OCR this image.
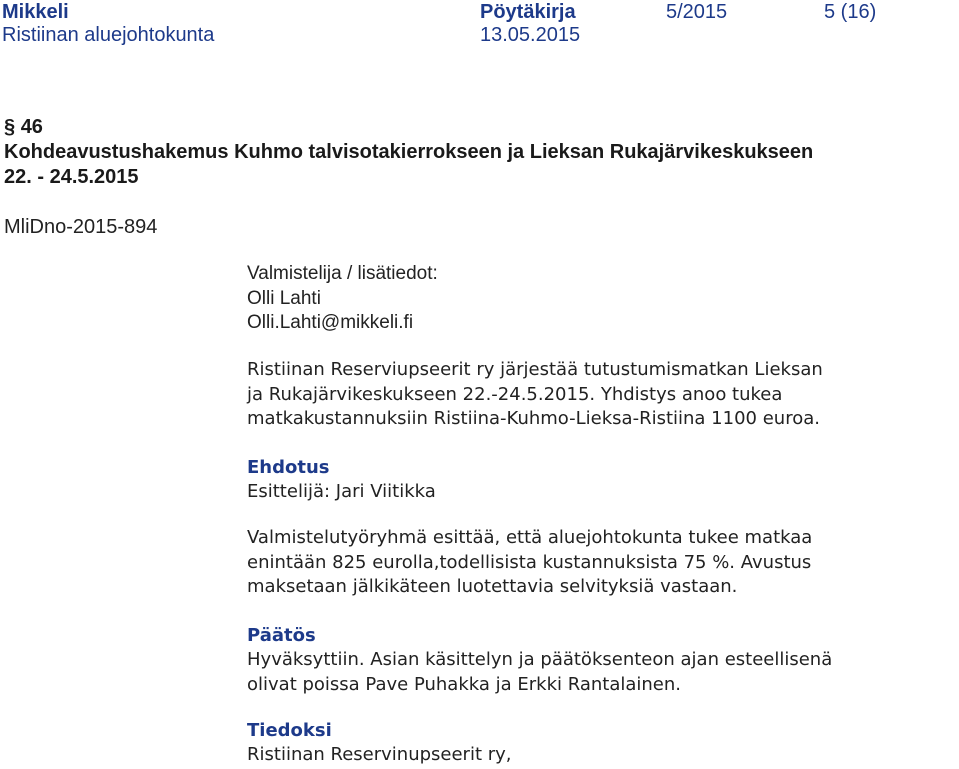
Mikkeli	Pöytäkirja	5/2015	5 (16)
Ristiinan aluejohtokunta	13.05.2015
§ 46
Kohdeavustushakemus Kuhmo talvisotakierrokseen ja Lieksan Rukajärvikeskukseen
22. - 24.5.2015
MliDno-2015-894
Valmistelija / lisätiedot:
Olli Lahti
Olli.Lahti@mikkeli.fi
Ristiinan Reserviupseerit ry järjestää tutustumismatkan Lieksan
ja Rukajärvikeskukseen 22.-24.5.2015. Yhdistys anoo tukea
matkakustannuksiin Ristiina-Kuhmo-Lieksa-Ristiina 1100 euroa.
Ehdotus
Esittelijä: Jari Viitikka
Valmistelutyöryhmä esittää, että aluejohtokunta tukee matkaa
enintään 825 eurolla,todellisista kustannuksista 75 %. Avustus
maksetaan jälkikäteen luotettavia selvityksiä vastaan.
Päätös
Hyväksyttiin. Asian käsittelyn ja päätöksenteon ajan esteellisenä
olivat poissa Pave Puhakka ja Erkki Rantalainen.
Tiedoksi
Ristiinan Reservinupseerit ry,
